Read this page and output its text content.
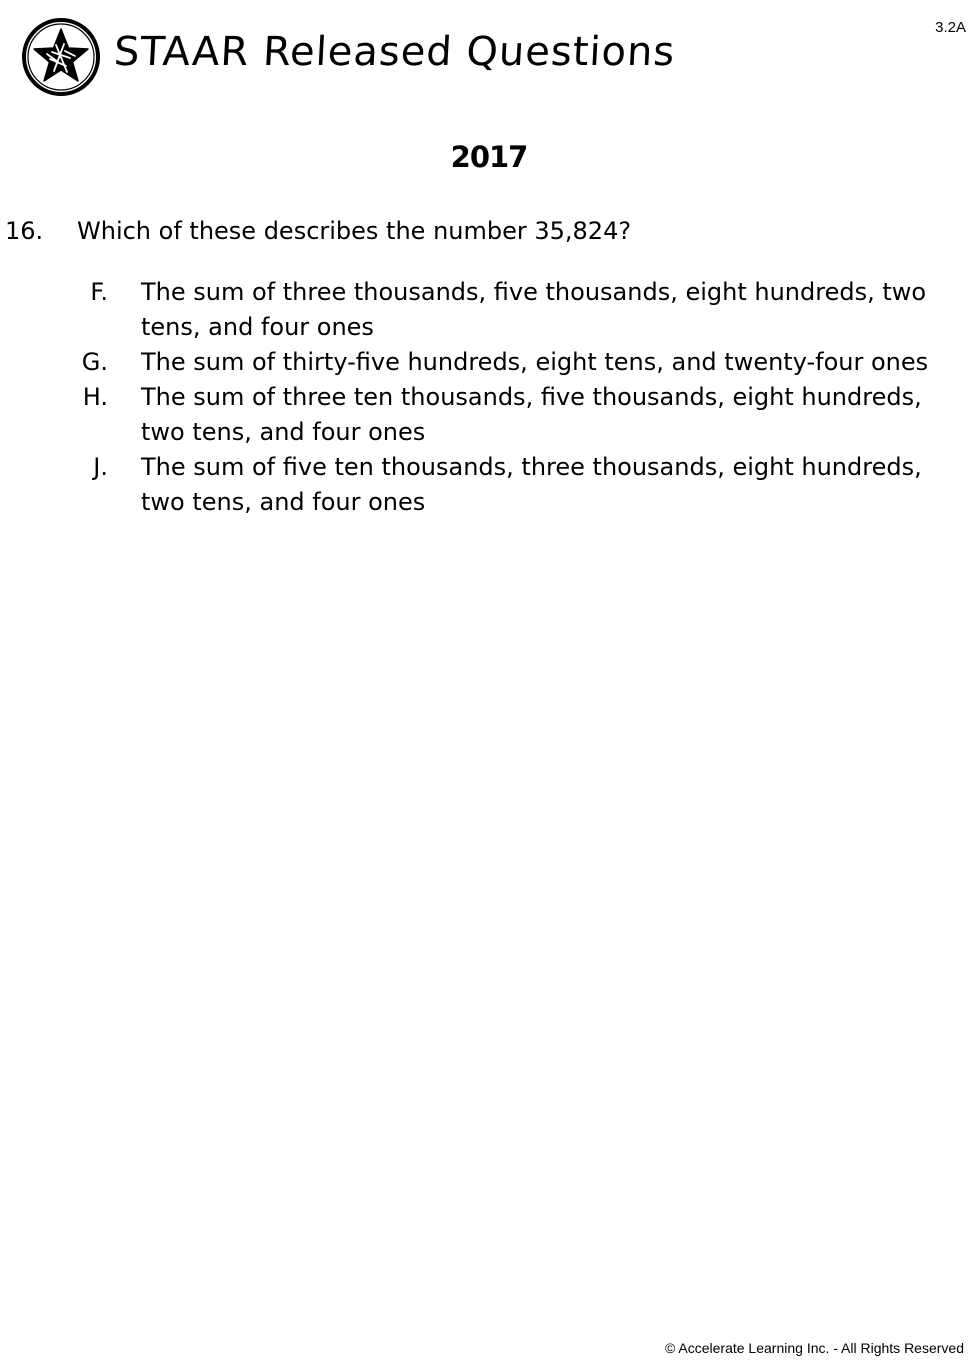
3.2A
STAAR Released Questions
2017
16. Which of these describes the number 35,824?
F. The sum of three thousands, five thousands, eight hundreds, two tens, and four ones
G. The sum of thirty-five hundreds, eight tens, and twenty-four ones
H. The sum of three ten thousands, five thousands, eight hundreds, two tens, and four ones
J. The sum of five ten thousands, three thousands, eight hundreds, two tens, and four ones
© Accelerate Learning Inc. - All Rights Reserved
